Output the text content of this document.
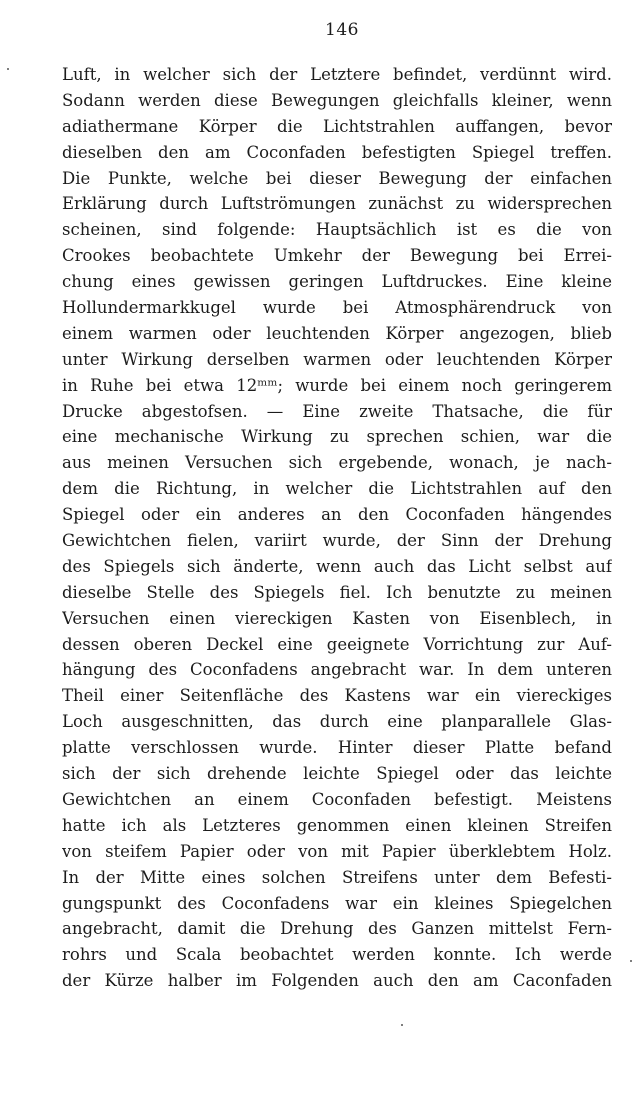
146
Luft, in welcher sich der Letztere befindet, verdünnt wird.
Sodann werden diese Bewegungen gleichfalls kleiner, wenn
adiathermane Körper die Lichtstrahlen auffangen, bevor
dieselben den am Coconfaden befestigten Spiegel treffen.
Die Punkte, welche bei dieser Bewegung der einfachen
Erklärung durch Luftströmungen zunächst zu widersprechen
scheinen, sind folgende: Hauptsächlich ist es die von
Crookes beobachtete Umkehr der Bewegung bei Errei-
chung eines gewissen geringen Luftdruckes. Eine kleine
Hollundermarkkugel wurde bei Atmosphärendruck von
einem warmen oder leuchtenden Körper angezogen, blieb
unter Wirkung derselben warmen oder leuchtenden Körper
in Ruhe bei etwa 12ᵐᵐ; wurde bei einem noch geringerem
Drucke abgestofsen. — Eine zweite Thatsache, die für
eine mechanische Wirkung zu sprechen schien, war die
aus meinen Versuchen sich ergebende, wonach, je nach-
dem die Richtung, in welcher die Lichtstrahlen auf den
Spiegel oder ein anderes an den Coconfaden hängendes
Gewichtchen fielen, variirt wurde, der Sinn der Drehung
des Spiegels sich änderte, wenn auch das Licht selbst auf
dieselbe Stelle des Spiegels fiel. Ich benutzte zu meinen
Versuchen einen viereckigen Kasten von Eisenblech, in
dessen oberen Deckel eine geeignete Vorrichtung zur Auf-
hängung des Coconfadens angebracht war. In dem unteren
Theil einer Seitenfläche des Kastens war ein viereckiges
Loch ausgeschnitten, das durch eine planparallele Glas-
platte verschlossen wurde. Hinter dieser Platte befand
sich der sich drehende leichte Spiegel oder das leichte
Gewichtchen an einem Coconfaden befestigt. Meistens
hatte ich als Letzteres genommen einen kleinen Streifen
von steifem Papier oder von mit Papier überklebtem Holz.
In der Mitte eines solchen Streifens unter dem Befesti-
gungspunkt des Coconfadens war ein kleines Spiegelchen
angebracht, damit die Drehung des Ganzen mittelst Fern-
rohrs und Scala beobachtet werden konnte. Ich werde
der Kürze halber im Folgenden auch den am Caconfaden
